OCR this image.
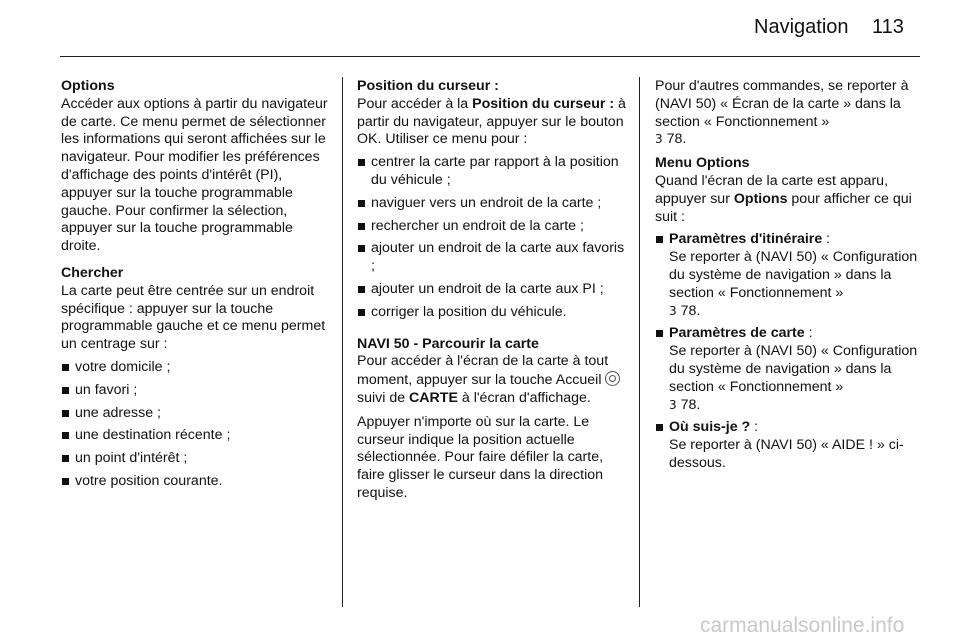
Navigation 113

Options

Accéder aux options à partir du navigateur de carte. Ce menu permet de sélectionner les informations qui seront affichées sur le navigateur. Pour modifier les préférences d'affichage des points d'intérêt (PI), appuyer sur la touche programmable gauche. Pour confirmer la sélection, appuyer sur la touche programmable droite.

Chercher

La carte peut être centrée sur un endroit spécifique : appuyer sur la touche programmable gauche et ce menu permet un centrage sur :

votre domicile ;
un favori ;
une adresse ;
une destination récente ;
un point d'intérêt ;
votre position courante.

Position du curseur :

Pour accéder à la Position du curseur : à partir du navigateur, appuyer sur le bouton OK. Utiliser ce menu pour :

centrer la carte par rapport à la position du véhicule ;
naviguer vers un endroit de la carte ;
rechercher un endroit de la carte ;
ajouter un endroit de la carte aux favoris ;
ajouter un endroit de la carte aux PI ;
corriger la position du véhicule.

NAVI 50 - Parcourir la carte

Pour accéder à l'écran de la carte à tout moment, appuyer sur la touche Accueil  suivi de CARTE à l'écran d'affichage.

Appuyer n'importe où sur la carte. Le curseur indique la position actuelle sélectionnée. Pour faire défiler la carte, faire glisser le curseur dans la direction requise.

Pour d'autres commandes, se reporter à (NAVI 50) « Écran de la carte » dans la section « Fonctionnement »
3 78.

Menu Options

Quand l'écran de la carte est apparu, appuyer sur Options pour afficher ce qui suit :

Paramètres d'itinéraire :

Se reporter à (NAVI 50) « Configuration du système de navigation » dans la section « Fonctionnement »
3 78.

Paramètres de carte :

Se reporter à (NAVI 50) « Configuration du système de navigation » dans la section « Fonctionnement »
3 78.

Où suis-je ? :

Se reporter à (NAVI 50) « AIDE ! » ci-dessous.

carmanualsonline.info
